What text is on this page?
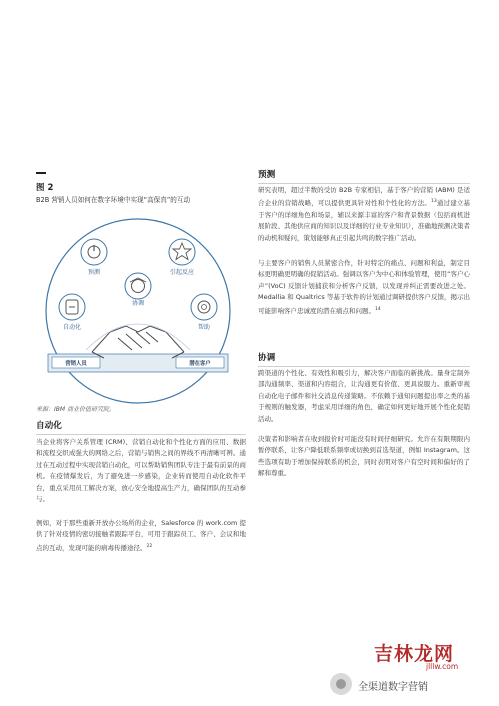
图 2
B2B 营销人员如何在数字环境中实现“高保真”的互动
预测	引起反应
协调
自动化	帮助
营销人员	潜在客户
来源：IBM 商业价值研究院。
自动化

当企业将客户关系管理 (CRM)、营销自动化和个性化方面的应用、数据和流程交织成强大的网络之后，营销与销售之间的界线不再清晰可辨。通过在互动过程中实现营销自动化，可以帮助销售团队专注于最有前景的商机。在疫情爆发后，为了避免进一步感染，企业转而使用自动化软件平台，重点采用员工解决方案，放心安全地提高生产力，确保团队的互动参与。

例如，对于那些重新开放办公场所的企业，Salesforce 的 work.com 提供了针对疫情的密切接触者跟踪平台，可用于跟踪员工、客户、会议和地点的互动，发现可能的病毒传播途径。$^{22}$

预测

研究表明，超过半数的受访 B2B 专家相信，基于客户的营销 (ABM) 是适合企业的营销战略，可以提供更具针对性和个性化的方法。$^{13}$通过建立基于客户的详细角色和场景，辅以来源丰富的客户和背景数据（包括商机进展阶段、其他供应商的知识以及详细的行业专业知识），准确地预测决策者的动机和疑问，策划能够真正引起共鸣的数字推广活动。

与主要客户的销售人员紧密合作，针对特定的痛点、问题和利益，制定目标更明确更明确的促销活动。强调以客户为中心和体验管理，使用“客户心声”(VoC) 反馈计划捕获和分析客户反馈，以发现并纠正需要改进之处。Medallia 和 Qualtrics 等基于软件的计划通过调研提供客户反馈，揭示出可能影响客户忠诚度的潜在痛点和问题。$^{14}$

协调

跨渠道的个性化、有效性和吸引力，解决客户面临的新挑战。量身定制外部沟通频率、渠道和内容组合，让沟通更有价值、更具说服力。重新审视自动化电子邮件和社交消息传递策略。不依赖于通知问题提出率之类的基于规则的触发器，考虑采用详细的角色，确定如何更好地开展个性化促销活动。

决策者和影响者在收到报价时可能没有时间仔细研究。允许在有限期限内暂停联系，让客户降低联系频率或切换到首选渠道，例如 Instagram。这些选项有助于增加保持联系的机会，同时表明对客户有空时间和偏好的了解和尊重。

吉林龙网
jlllw.com
全渠道数字营销
